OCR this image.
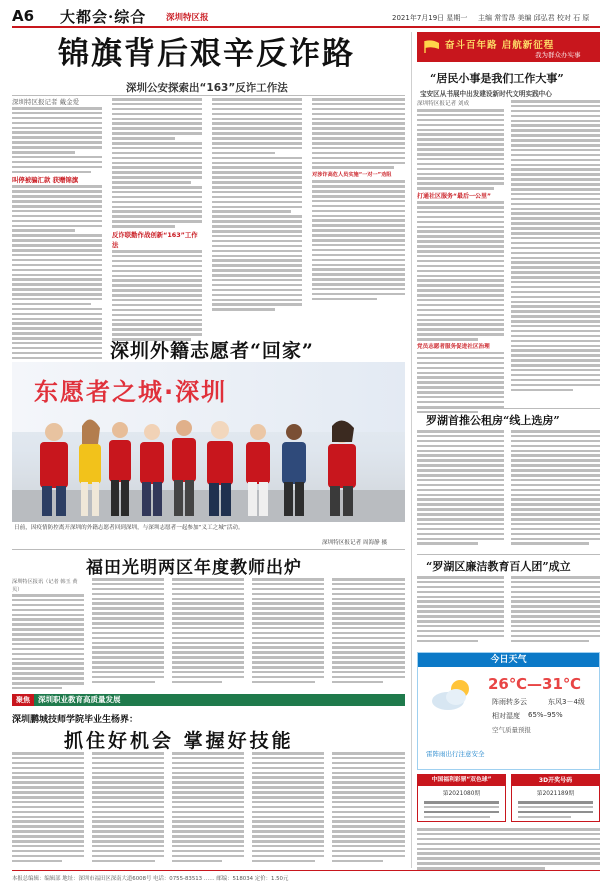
A6 大都会·综合 深圳特区报	2021年7月19日 星期一 主编 常雪昂 美编 邱弘君 校对 石 原
锦旗背后艰辛反诈路
深圳公安探索出“163”反诈工作法
深圳特区报记者 戴金爱
叫停被骗汇款 获赠锦旗
反诈联勤作战创新“163”工作法
对涉诈高危人员实施“一对一”劝阻
深圳外籍志愿者“回家”
东愿者之城·深圳
日前，因疫情防控离开深圳的外籍志愿者回到深圳，与深圳志愿者一起参加“义工之城”活动。
深圳特区报记者 周海静 摄
福田光明两区年度教师出炉
深圳特区报讯（记者 韩玉 黄贝）
聚焦	深圳职业教育高质量发展
深圳鹏城技师学院毕业生杨界：
抓住好机会 掌握好技能
奋斗百年路 启航新征程
我为群众办实事
“居民小事是我们工作大事”
宝安区从书展中出发建设新时代文明实践中心
深圳特区报记者 刘成
打通社区服务“最后一公里”
党员志愿者服务促进社区治理
罗湖首推公租房“线上选房”
“罗湖区廉洁教育百人团”成立
今日天气
26℃—31℃
阵雨转多云	东风3－4级
相对湿度 65%–95%
空气质量预报
雷阵雨出行注意安全
中国福利彩票“双色球”
第2021080期
3D开奖号码
第2021189期
本报总编辑：编辑部 地址：深圳市福田区深南大道6008号 电话：0755-83513 …… 邮编：518034 定价：1.50元
